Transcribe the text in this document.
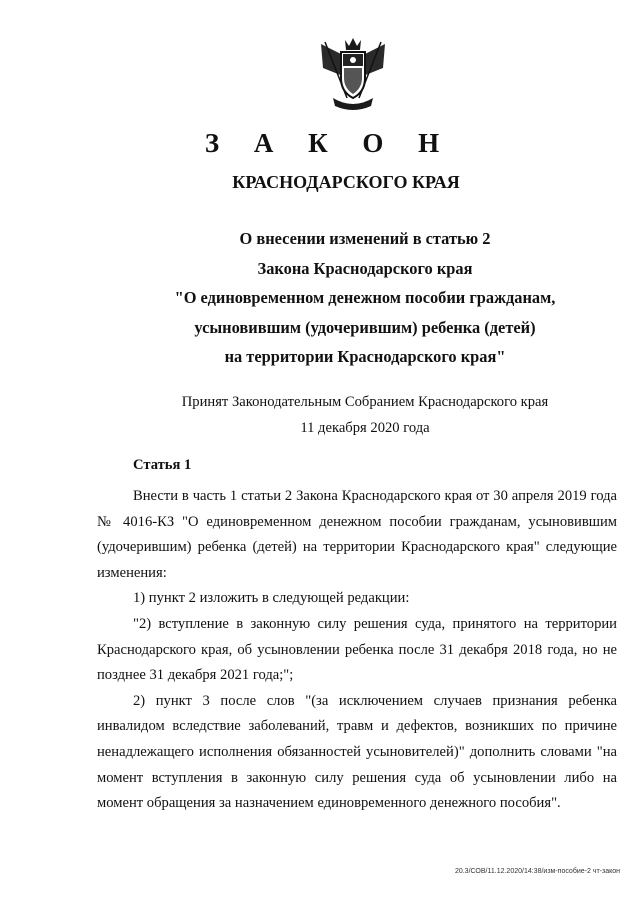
З А К О Н
КРАСНОДАРСКОГО КРАЯ
О внесении изменений в статью 2
Закона Краснодарского края
"О единовременном денежном пособии гражданам,
усыновившим (удочерившим) ребенка (детей)
на территории Краснодарского края"
Принят Законодательным Собранием Краснодарского края
11 декабря 2020 года
Статья 1

Внести в часть 1 статьи 2 Закона Краснодарского края от 30 апреля 2019 года № 4016-КЗ "О единовременном денежном пособии гражданам, усыновившим (удочерившим) ребенка (детей) на территории Краснодарского края" следующие изменения:

1) пункт 2 изложить в следующей редакции:

"2) вступление в законную силу решения суда, принятого на территории Краснодарского края, об усыновлении ребенка после 31 декабря 2018 года, но не позднее 31 декабря 2021 года;";

2) пункт 3 после слов "(за исключением случаев признания ребенка инвалидом вследствие заболеваний, травм и дефектов, возникших по причине ненадлежащего исполнения обязанностей усыновителей)" дополнить словами "на момент вступления в законную силу решения суда об усыновлении либо на момент обращения за назначением единовременного денежного пособия".

20.3/СОВ/11.12.2020/14:38/изм-пособие-2 чт-закон
